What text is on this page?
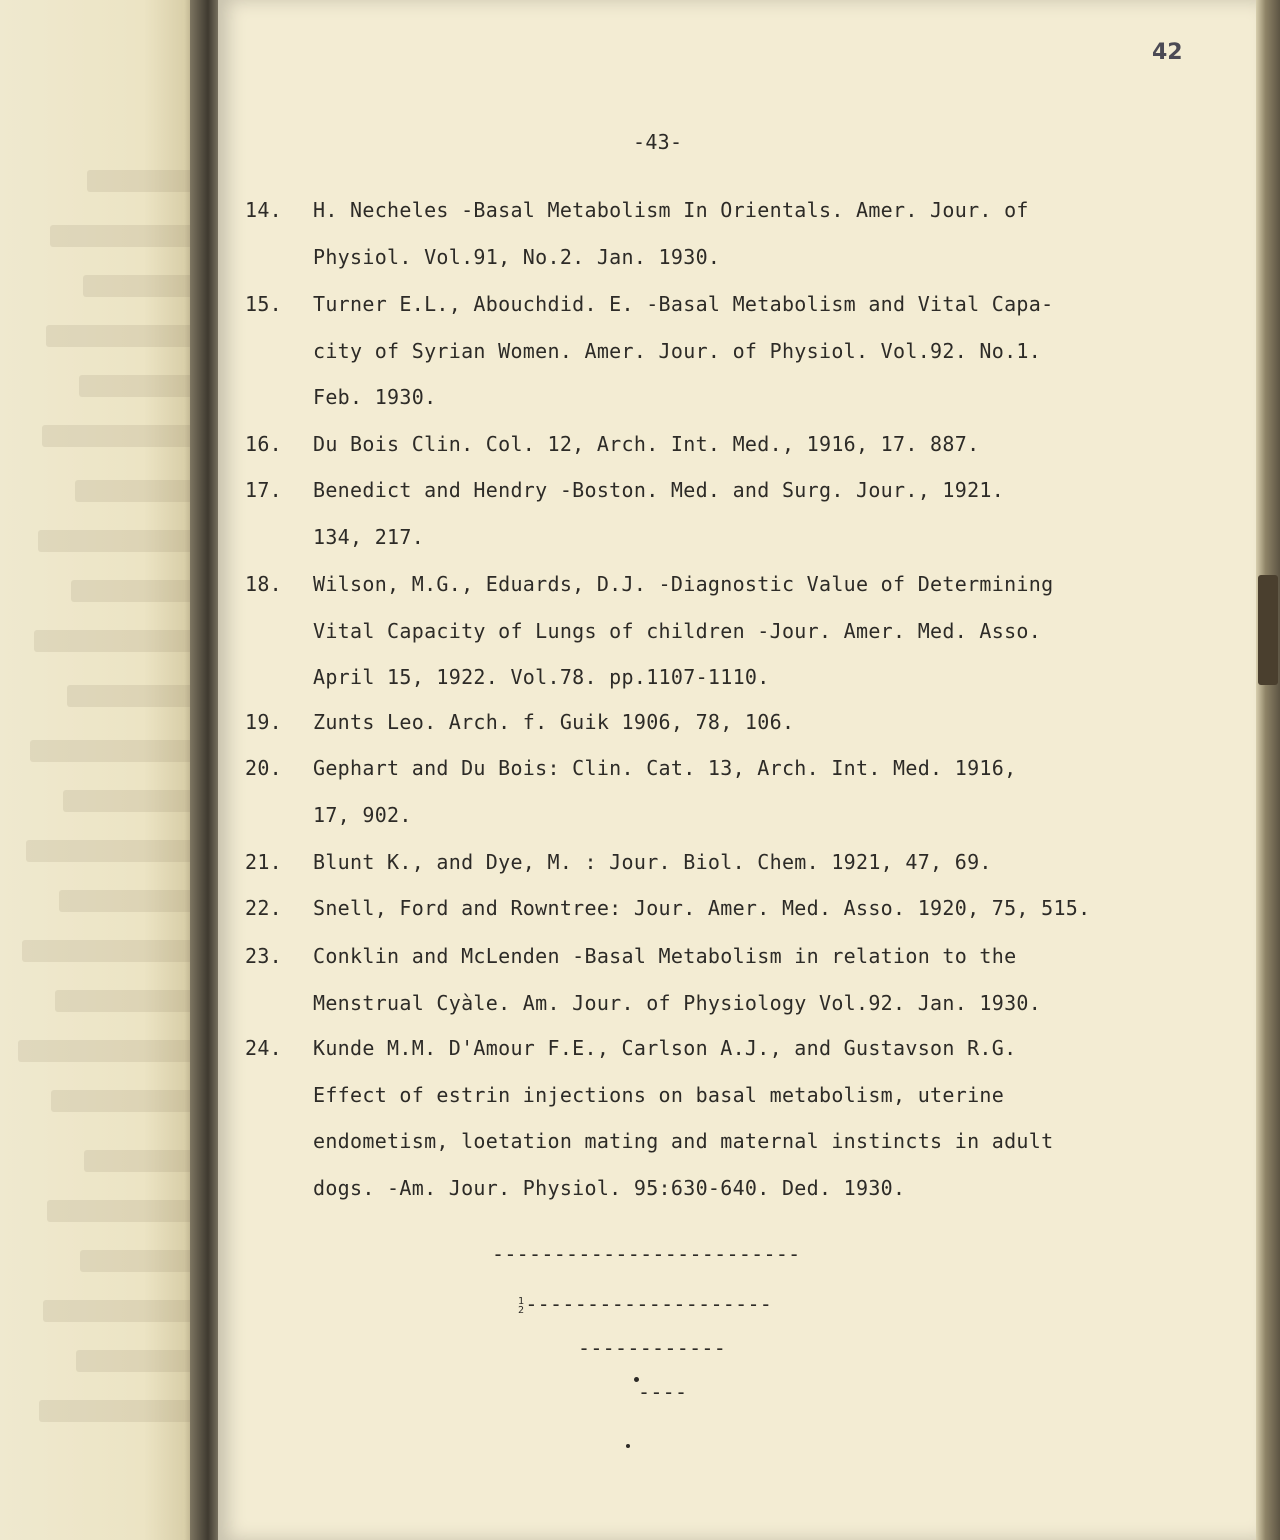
42
-43-
14.	H. Necheles -Basal Metabolism In Orientals. Amer. Jour. of
Physiol. Vol.91, No.2. Jan. 1930.
15.	Turner E.L., Abouchdid. E. -Basal Metabolism and Vital Capa-
city of Syrian Women. Amer. Jour. of Physiol. Vol.92. No.1.
Feb. 1930.
16.	Du Bois Clin. Col. 12, Arch. Int. Med., 1916, 17. 887.
17.	Benedict and Hendry -Boston. Med. and Surg. Jour., 1921.
134, 217.
18.	Wilson, M.G., Eduards, D.J. -Diagnostic Value of Determining
Vital Capacity of Lungs of children -Jour. Amer. Med. Asso.
April 15, 1922. Vol.78. pp.1107-1110.
19.	Zunts Leo. Arch. f. Guik 1906, 78, 106.
20.	Gephart and Du Bois: Clin. Cat. 13, Arch. Int. Med. 1916,
17, 902.
21.	Blunt K., and Dye, M. : Jour. Biol. Chem. 1921, 47, 69.
22.	Snell, Ford and Rowntree: Jour. Amer. Med. Asso. 1920, 75, 515.
23.	Conklin and McLenden -Basal Metabolism in relation to the
Menstrual Cyàle. Am. Jour. of Physiology Vol.92. Jan. 1930.
24.	Kunde M.M. D'Amour F.E., Carlson A.J., and Gustavson R.G.
Effect of estrin injections on basal metabolism, uterine
endometism, loetation mating and maternal instincts in adult
dogs. -Am. Jour. Physiol. 95:630-640. Ded. 1930.
-------------------------
1
2--------------------
------------
----
